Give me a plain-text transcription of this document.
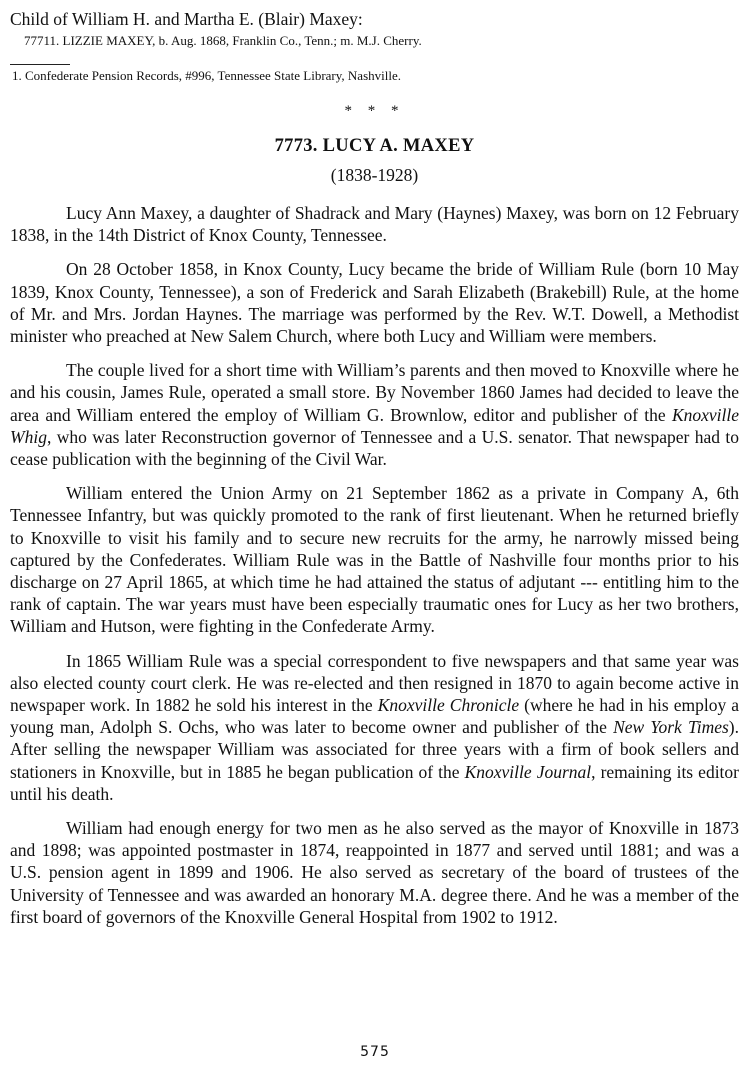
Child of William H. and Martha E. (Blair) Maxey:

77711. LIZZIE MAXEY, b. Aug. 1868, Franklin Co., Tenn.; m. M.J. Cherry.

1. Confederate Pension Records, #996, Tennessee State Library, Nashville.

* * *
7773. LUCY A. MAXEY
(1838-1928)

Lucy Ann Maxey, a daughter of Shadrack and Mary (Haynes) Maxey, was born on 12 February 1838, in the 14th District of Knox County, Tennessee.

On 28 October 1858, in Knox County, Lucy became the bride of William Rule (born 10 May 1839, Knox County, Tennessee), a son of Frederick and Sarah Elizabeth (Brakebill) Rule, at the home of Mr. and Mrs. Jordan Haynes. The marriage was performed by the Rev. W.T. Dowell, a Methodist minister who preached at New Salem Church, where both Lucy and William were members.

The couple lived for a short time with William’s parents and then moved to Knoxville where he and his cousin, James Rule, operated a small store. By November 1860 James had decided to leave the area and William entered the employ of William G. Brownlow, editor and publisher of the Knoxville Whig, who was later Reconstruction governor of Tennessee and a U.S. senator. That newspaper had to cease publication with the beginning of the Civil War.

William entered the Union Army on 21 September 1862 as a private in Company A, 6th Tennessee Infantry, but was quickly promoted to the rank of first lieutenant. When he returned briefly to Knoxville to visit his family and to secure new recruits for the army, he narrowly missed being captured by the Confederates. William Rule was in the Battle of Nashville four months prior to his discharge on 27 April 1865, at which time he had attained the status of adjutant --- entitling him to the rank of captain. The war years must have been especially traumatic ones for Lucy as her two brothers, William and Hutson, were fighting in the Confederate Army.

In 1865 William Rule was a special correspondent to five newspapers and that same year was also elected county court clerk. He was re-elected and then resigned in 1870 to again become active in newspaper work. In 1882 he sold his interest in the Knoxville Chronicle (where he had in his employ a young man, Adolph S. Ochs, who was later to become owner and publisher of the New York Times). After selling the newspaper William was associated for three years with a firm of book sellers and stationers in Knoxville, but in 1885 he began publication of the Knoxville Journal, remaining its editor until his death.

William had enough energy for two men as he also served as the mayor of Knoxville in 1873 and 1898; was appointed postmaster in 1874, reappointed in 1877 and served until 1881; and was a U.S. pension agent in 1899 and 1906. He also served as secretary of the board of trustees of the University of Tennessee and was awarded an honorary M.A. degree there. And he was a member of the first board of governors of the Knoxville General Hospital from 1902 to 1912.

575
